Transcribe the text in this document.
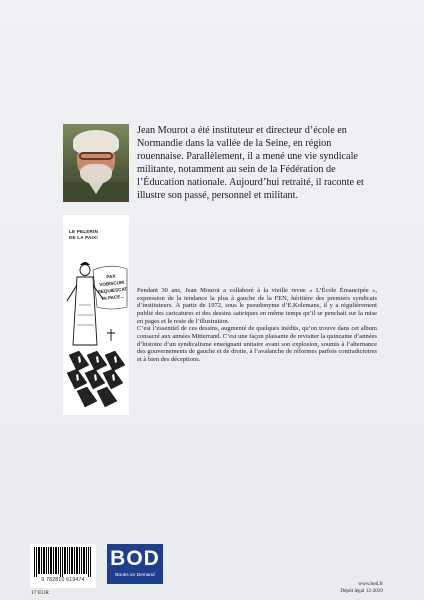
Jean Mourot a été instituteur et directeur d’école en Normandie dans la vallée de la Seine, en région rouennaise. Parallèlement, il a mené une vie syndicale militante, notamment au sein de la Fédération de l’Éducation nationale. Aujourd’hui retraité, il raconte et illustre son passé, personnel et militant.

LE PELERIN
DE LA PAIX!
PAX
VOBISCUM
REQUIESCAT
IN PACE...

Pendant 30 ans, Jean Mourot a collaboré à la vieille revue « L’École Émancipée », expression de la tendance la plus à gauche de la FEN, héritière des premiers syndicats d’instituteurs. À partir de 1972, sous le pseudonyme d’E.Kolemans, il y a régulièrement publié des caricatures et des dessins satiriques en même temps qu’il se penchait sur la mise en pages et le reste de l’illustration.

C’est l’essentiel de ces dessins, augmenté de quelques inédits, qu’on trouve dans cet album consacré aux années Mitterrand. C’est une façon plaisante de revisiter la quinzaine d’années d’histoire d’un syndicalisme enseignant unitaire avant son explosion, soumis à l’alternance des gouvernements de gauche et de droite, à l’avalanche de réformes parfois contradictoires et à bien des déceptions.

9 782810 619474
17 EUR
BOD
Books on Demand
www.bod.fr
Dépôt légal 12-2010
